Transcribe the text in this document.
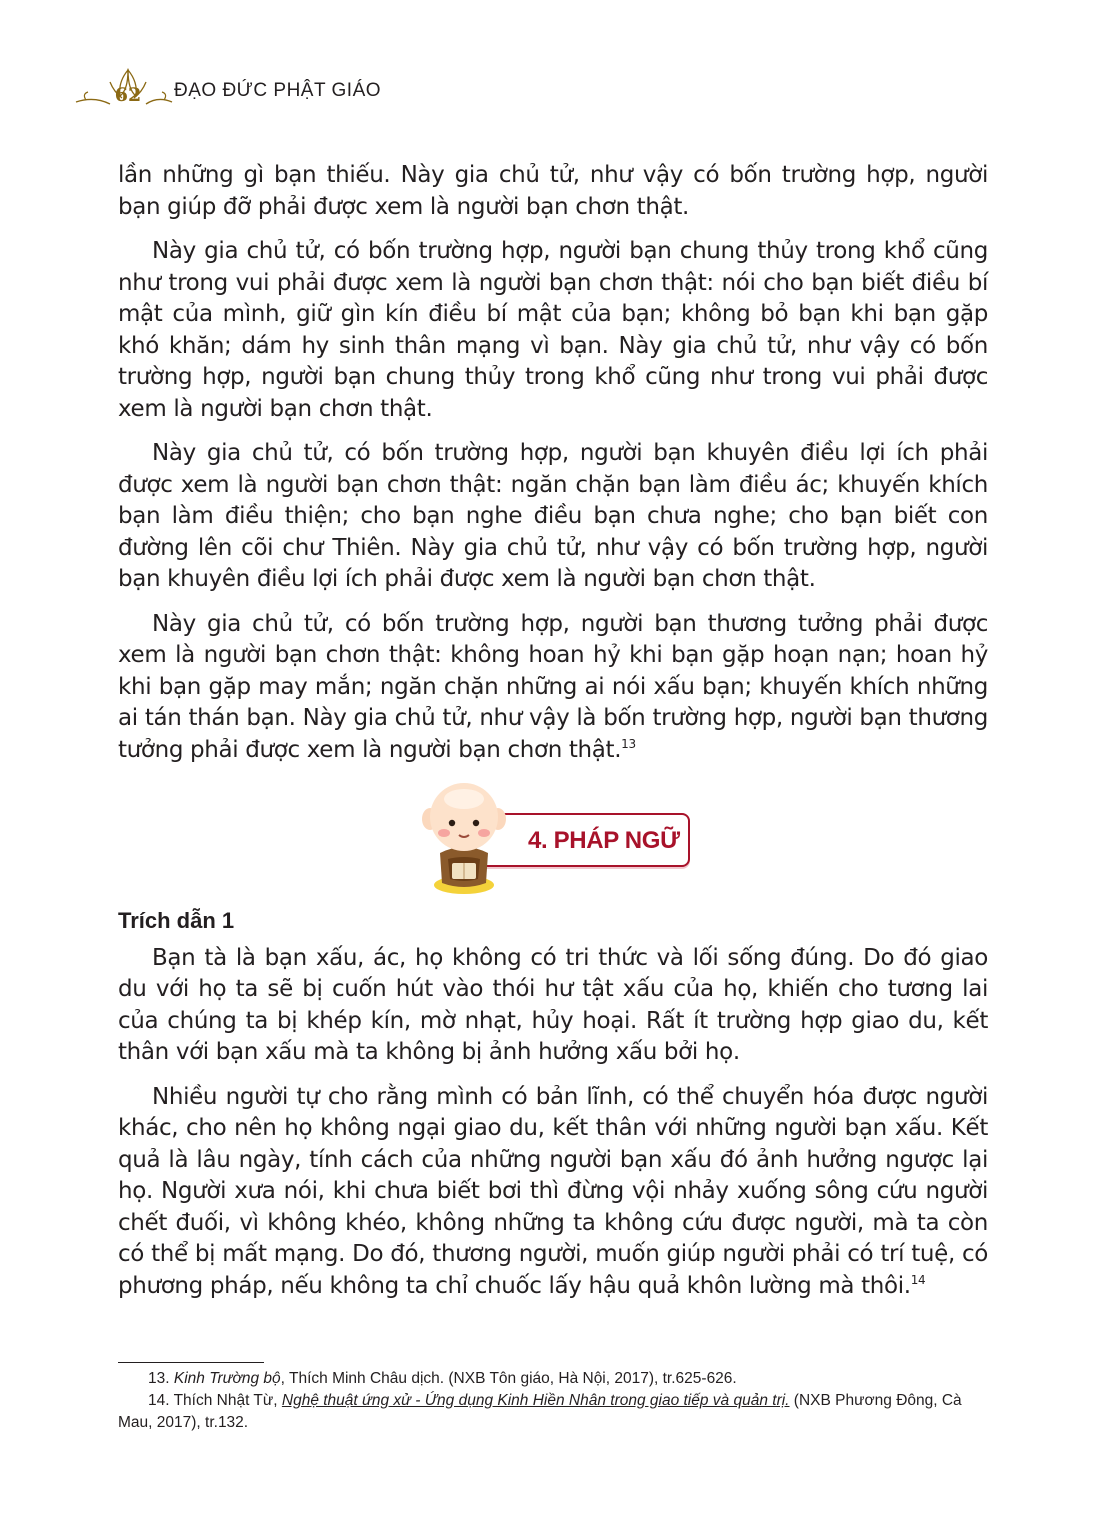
62	ĐẠO ĐỨC PHẬT GIÁO

lần những gì bạn thiếu. Này gia chủ tử, như vậy có bốn trường hợp, người bạn giúp đỡ phải được xem là người bạn chơn thật.

Này gia chủ tử, có bốn trường hợp, người bạn chung thủy trong khổ cũng như trong vui phải được xem là người bạn chơn thật: nói cho bạn biết điều bí mật của mình, giữ gìn kín điều bí mật của bạn; không bỏ bạn khi bạn gặp khó khăn; dám hy sinh thân mạng vì bạn. Này gia chủ tử, như vậy có bốn trường hợp, người bạn chung thủy trong khổ cũng như trong vui phải được xem là người bạn chơn thật.

Này gia chủ tử, có bốn trường hợp, người bạn khuyên điều lợi ích phải được xem là người bạn chơn thật: ngăn chặn bạn làm điều ác; khuyến khích bạn làm điều thiện; cho bạn nghe điều bạn chưa nghe; cho bạn biết con đường lên cõi chư Thiên. Này gia chủ tử, như vậy có bốn trường hợp, người bạn khuyên điều lợi ích phải được xem là người bạn chơn thật.

Này gia chủ tử, có bốn trường hợp, người bạn thương tưởng phải được xem là người bạn chơn thật: không hoan hỷ khi bạn gặp hoạn nạn; hoan hỷ khi bạn gặp may mắn; ngăn chặn những ai nói xấu bạn; khuyến khích những ai tán thán bạn. Này gia chủ tử, như vậy là bốn trường hợp, người bạn thương tưởng phải được xem là người bạn chơn thật.$^{13}$

4. PHÁP NGỮ
Trích dẫn 1

Bạn tà là bạn xấu, ác, họ không có tri thức và lối sống đúng. Do đó giao du với họ ta sẽ bị cuốn hút vào thói hư tật xấu của họ, khiến cho tương lai của chúng ta bị khép kín, mờ nhạt, hủy hoại. Rất ít trường hợp giao du, kết thân với bạn xấu mà ta không bị ảnh hưởng xấu bởi họ.

Nhiều người tự cho rằng mình có bản lĩnh, có thể chuyển hóa được người khác, cho nên họ không ngại giao du, kết thân với những người bạn xấu. Kết quả là lâu ngày, tính cách của những người bạn xấu đó ảnh hưởng ngược lại họ. Người xưa nói, khi chưa biết bơi thì đừng vội nhảy xuống sông cứu người chết đuối, vì không khéo, không những ta không cứu được người, mà ta còn có thể bị mất mạng. Do đó, thương người, muốn giúp người phải có trí tuệ, có phương pháp, nếu không ta chỉ chuốc lấy hậu quả khôn lường mà thôi.$^{14}$

13. Kinh Trường bộ, Thích Minh Châu dịch. (NXB Tôn giáo, Hà Nội, 2017), tr.625-626.

14. Thích Nhật Từ, Nghệ thuật ứng xử - Ứng dụng Kinh Hiền Nhân trong giao tiếp và quản trị. (NXB Phương Đông, Cà Mau, 2017), tr.132.
